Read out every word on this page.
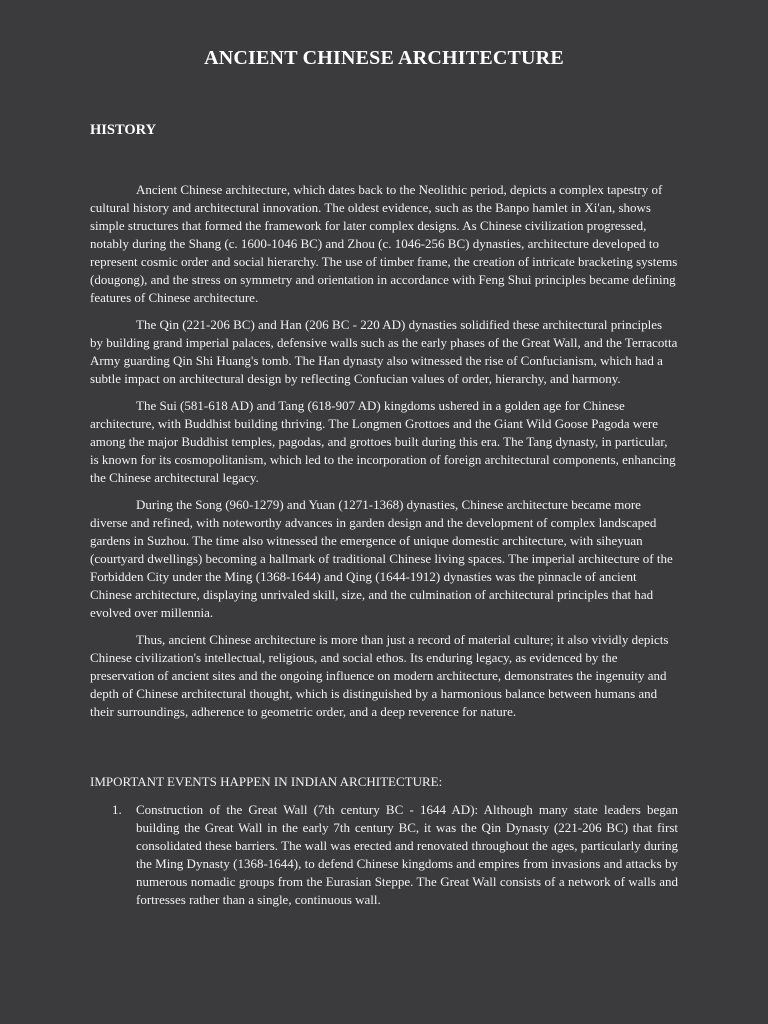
ANCIENT CHINESE ARCHITECTURE
HISTORY

Ancient Chinese architecture, which dates back to the Neolithic period, depicts a complex tapestry of cultural history and architectural innovation. The oldest evidence, such as the Banpo hamlet in Xi'an, shows simple structures that formed the framework for later complex designs. As Chinese civilization progressed, notably during the Shang (c. 1600-1046 BC) and Zhou (c. 1046-256 BC) dynasties, architecture developed to represent cosmic order and social hierarchy. The use of timber frame, the creation of intricate bracketing systems (dougong), and the stress on symmetry and orientation in accordance with Feng Shui principles became defining features of Chinese architecture.

The Qin (221-206 BC) and Han (206 BC - 220 AD) dynasties solidified these architectural principles by building grand imperial palaces, defensive walls such as the early phases of the Great Wall, and the Terracotta Army guarding Qin Shi Huang's tomb. The Han dynasty also witnessed the rise of Confucianism, which had a subtle impact on architectural design by reflecting Confucian values of order, hierarchy, and harmony.

The Sui (581-618 AD) and Tang (618-907 AD) kingdoms ushered in a golden age for Chinese architecture, with Buddhist building thriving. The Longmen Grottoes and the Giant Wild Goose Pagoda were among the major Buddhist temples, pagodas, and grottoes built during this era. The Tang dynasty, in particular, is known for its cosmopolitanism, which led to the incorporation of foreign architectural components, enhancing the Chinese architectural legacy.

During the Song (960-1279) and Yuan (1271-1368) dynasties, Chinese architecture became more diverse and refined, with noteworthy advances in garden design and the development of complex landscaped gardens in Suzhou. The time also witnessed the emergence of unique domestic architecture, with siheyuan (courtyard dwellings) becoming a hallmark of traditional Chinese living spaces. The imperial architecture of the Forbidden City under the Ming (1368-1644) and Qing (1644-1912) dynasties was the pinnacle of ancient Chinese architecture, displaying unrivaled skill, size, and the culmination of architectural principles that had evolved over millennia.

Thus, ancient Chinese architecture is more than just a record of material culture; it also vividly depicts Chinese civilization's intellectual, religious, and social ethos. Its enduring legacy, as evidenced by the preservation of ancient sites and the ongoing influence on modern architecture, demonstrates the ingenuity and depth of Chinese architectural thought, which is distinguished by a harmonious balance between humans and their surroundings, adherence to geometric order, and a deep reverence for nature.

IMPORTANT EVENTS HAPPEN IN INDIAN ARCHITECTURE:

1.	Construction of the Great Wall (7th century BC - 1644 AD): Although many state leaders began building the Great Wall in the early 7th century BC, it was the Qin Dynasty (221-206 BC) that first consolidated these barriers. The wall was erected and renovated throughout the ages, particularly during the Ming Dynasty (1368-1644), to defend Chinese kingdoms and empires from invasions and attacks by numerous nomadic groups from the Eurasian Steppe. The Great Wall consists of a network of walls and fortresses rather than a single, continuous wall.
